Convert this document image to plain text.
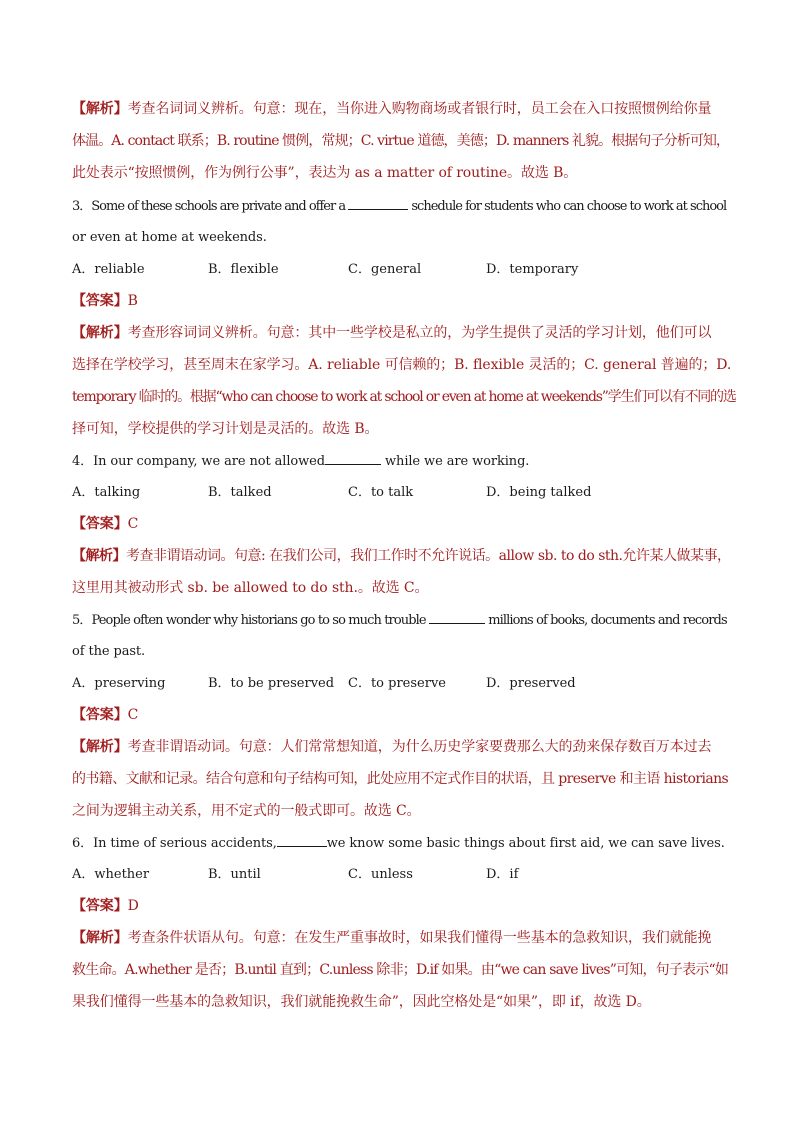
【解析】考查名词词义辨析。句意：现在，当你进入购物商场或者银行时，员工会在入口按照惯例给你量
体温。A. contact 联系；B. routine 惯例，常规；C. virtue 道德，美德；D. manners 礼貌。根据句子分析可知，
此处表示“按照惯例，作为例行公事”，表达为 as a matter of routine。故选 B。
3．Some of these schools are private and offer a	schedule for students who can choose to work at school
or even at home at weekends.
A．reliable	B．flexible	C．general	D．temporary
【答案】B
【解析】考查形容词词义辨析。句意：其中一些学校是私立的，为学生提供了灵活的学习计划，他们可以
选择在学校学习，甚至周末在家学习。A. reliable 可信赖的；B. flexible 灵活的；C. general 普遍的；D.
temporary 临时的。根据“who can choose to work at school or even at home at weekends”学生们可以有不同的选
择可知，学校提供的学习计划是灵活的。故选 B。
4．In our company, we are not allowed	while we are working.
A．talking	B．talked	C．to talk	D．being talked
【答案】C
【解析】考查非谓语动词。句意: 在我们公司，我们工作时不允许说话。allow sb. to do sth.允许某人做某事，
这里用其被动形式 sb. be allowed to do sth.。故选 C。
5．People often wonder why historians go to so much trouble	millions of books, documents and records
of the past.
A．preserving	B．to be preserved C．to preserve	D．preserved
【答案】C
【解析】考查非谓语动词。句意：人们常常想知道，为什么历史学家要费那么大的劲来保存数百万本过去
的书籍、文献和记录。结合句意和句子结构可知，此处应用不定式作目的状语，且 preserve 和主语 historians
之间为逻辑主动关系，用不定式的一般式即可。故选 C。
6．In time of serious accidents,	we know some basic things about first aid, we can save lives.
A．whether	B．until	C．unless	D．if
【答案】D
【解析】考查条件状语从句。句意：在发生严重事故时，如果我们懂得一些基本的急救知识，我们就能挽
救生命。A.whether 是否；B.until 直到；C.unless 除非；D.if 如果。由“we can save lives”可知，句子表示“如
果我们懂得一些基本的急救知识，我们就能挽救生命”，因此空格处是“如果”，即 if，故选 D。
